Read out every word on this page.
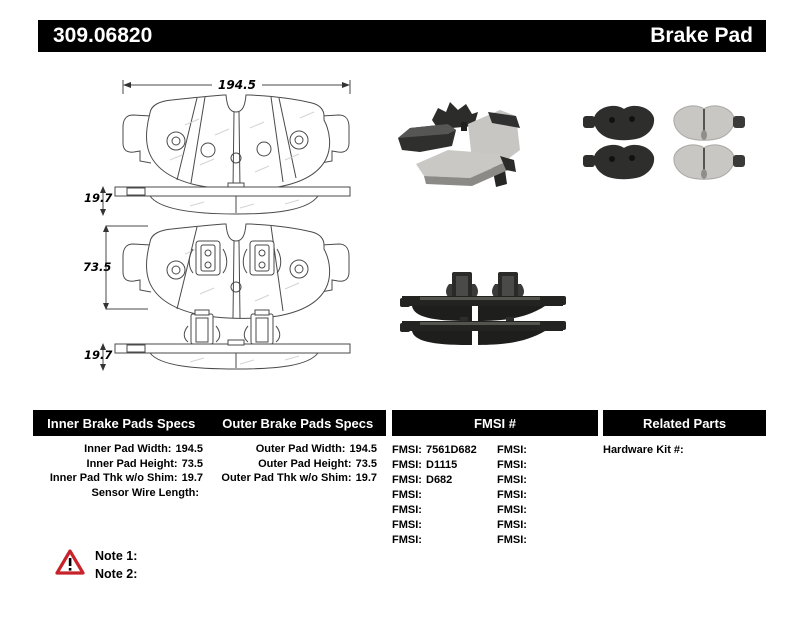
309.06820	Brake Pad
194.5
19.7
73.5
19.7
Inner Brake Pads Specs	Outer Brake Pads Specs	FMSI #	Related Parts
Inner Pad Width: 194.5
Inner Pad Height: 73.5
Inner Pad Thk w/o Shim: 19.7
Sensor Wire Length:
Outer Pad Width: 194.5
Outer Pad Height: 73.5
Outer Pad Thk w/o Shim: 19.7
FMSI: 7561D682
FMSI: D1115
FMSI: D682
FMSI:
FMSI:
FMSI:
FMSI:
FMSI:
FMSI:
FMSI:
FMSI:
FMSI:
FMSI:
FMSI:
Hardware Kit #:
Note 1:
Note 2:
